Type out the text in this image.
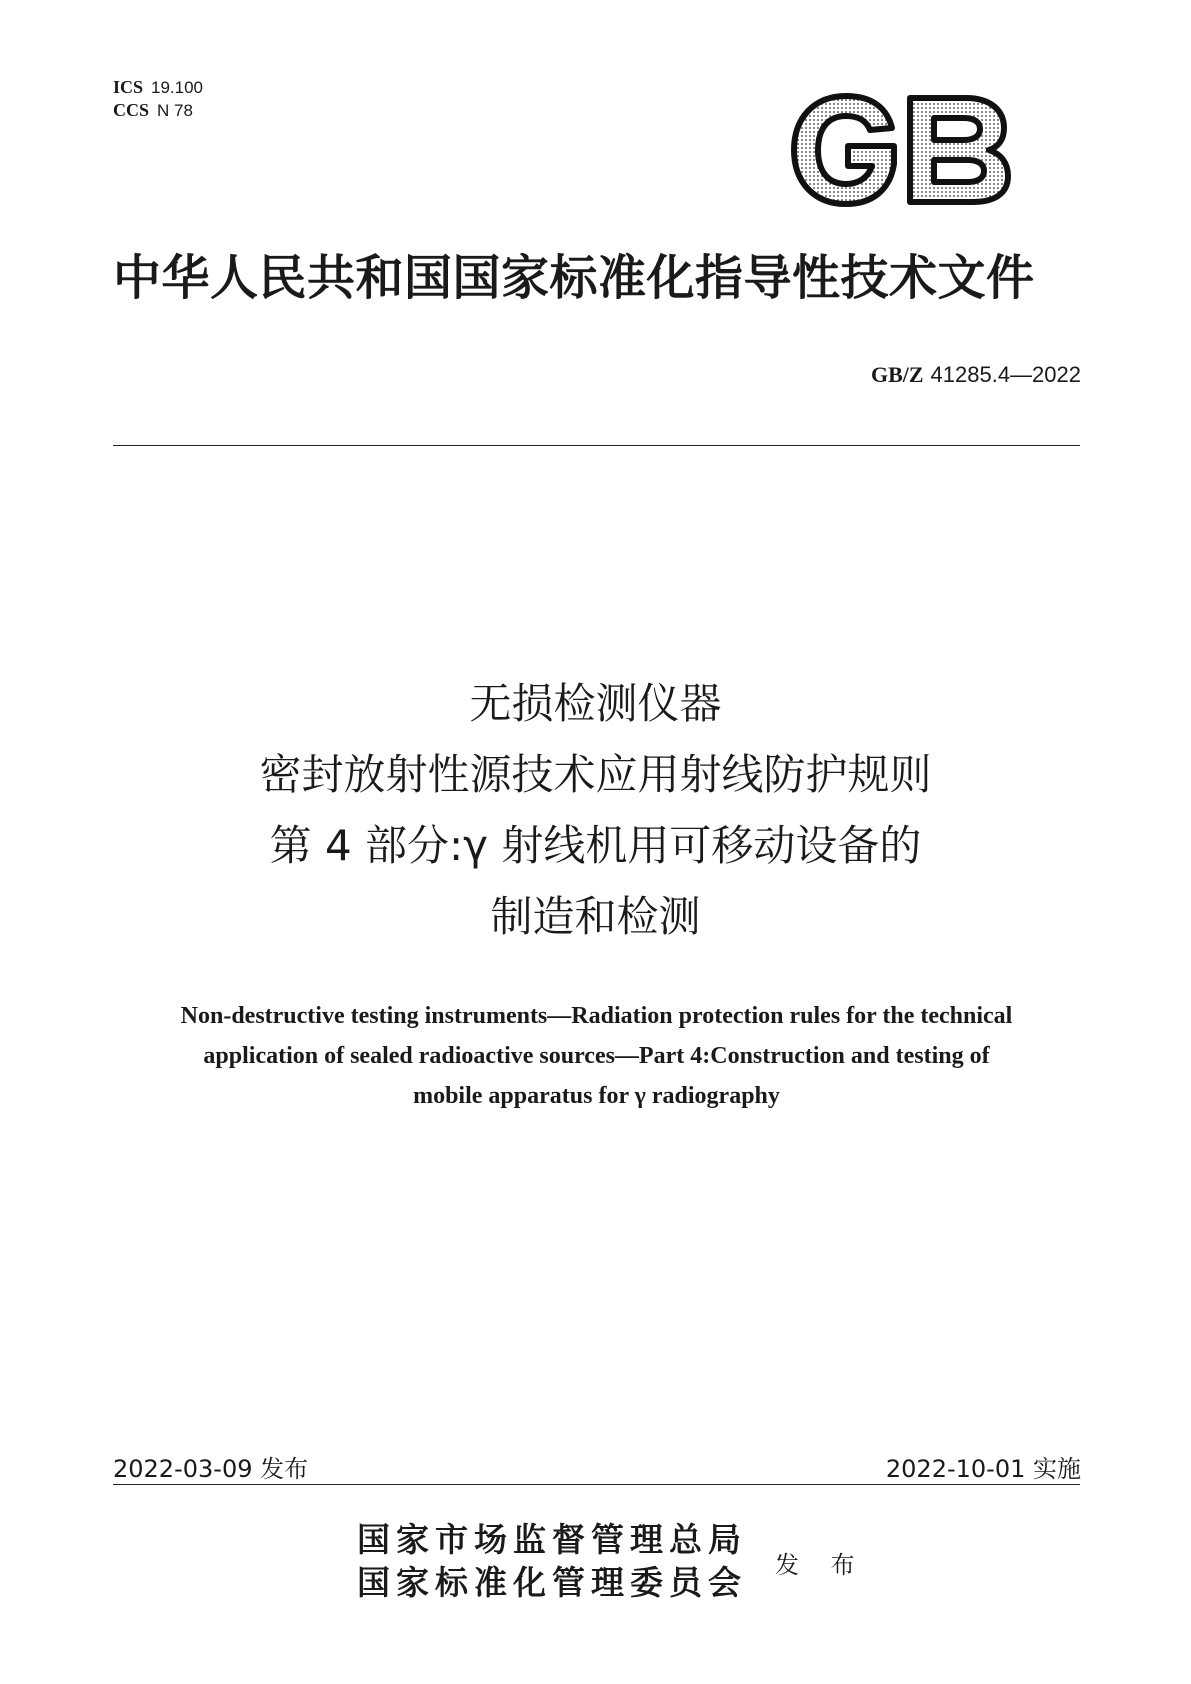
ICS 19.100
CCS N 78
中华人民共和国国家标准化指导性技术文件
GB/Z 41285.4—2022
无损检测仪器
密封放射性源技术应用射线防护规则
第 4 部分:γ 射线机用可移动设备的
制造和检测
Non-destructive testing instruments—Radiation protection rules for the technical
application of sealed radioactive sources—Part 4:Construction and testing of
mobile apparatus for γ radiography
2022-03-09 发布	2022-10-01 实施
国家市场监督管理总局
国家标准化管理委员会 发 布
